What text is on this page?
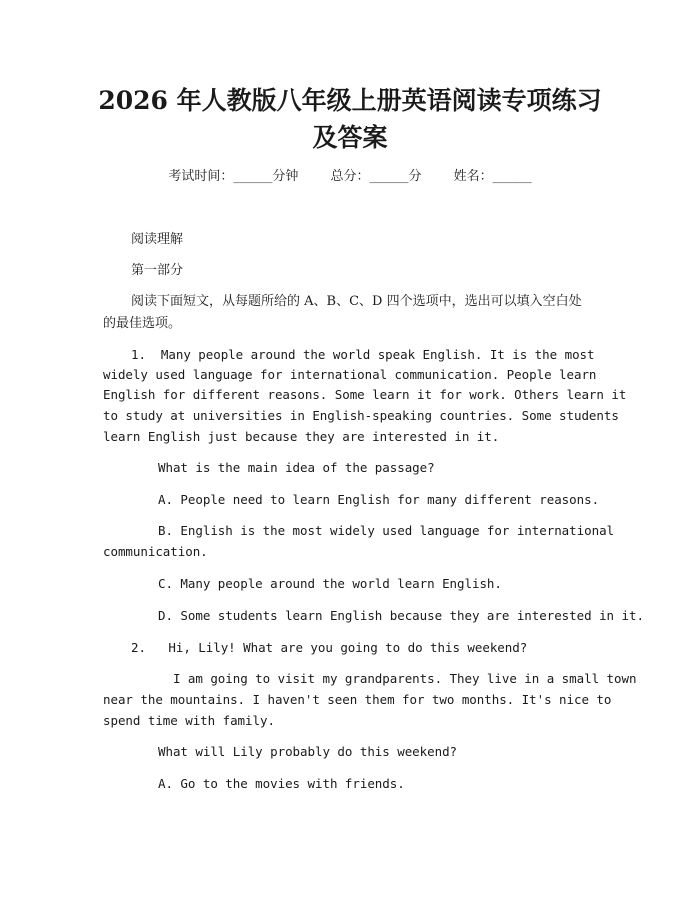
2026 年人教版八年级上册英语阅读专项练习
及答案
考试时间：______分钟 总分：______分 姓名：______
阅读理解
第一部分
阅读下面短文，从每题所给的 A、B、C、D 四个选项中，选出可以填入空白处
的最佳选项。
1.  Many people around the world speak English. It is the most
widely used language for international communication. People learn
English for different reasons. Some learn it for work. Others learn it
to study at universities in English-speaking countries. Some students
learn English just because they are interested in it.
What is the main idea of the passage?
A. People need to learn English for many different reasons.
B. English is the most widely used language for international
communication.
C. Many people around the world learn English.
D. Some students learn English because they are interested in it.
2.   Hi, Lily! What are you going to do this weekend?
I am going to visit my grandparents. They live in a small town
near the mountains. I haven't seen them for two months. It's nice to
spend time with family.
What will Lily probably do this weekend?
A. Go to the movies with friends.
